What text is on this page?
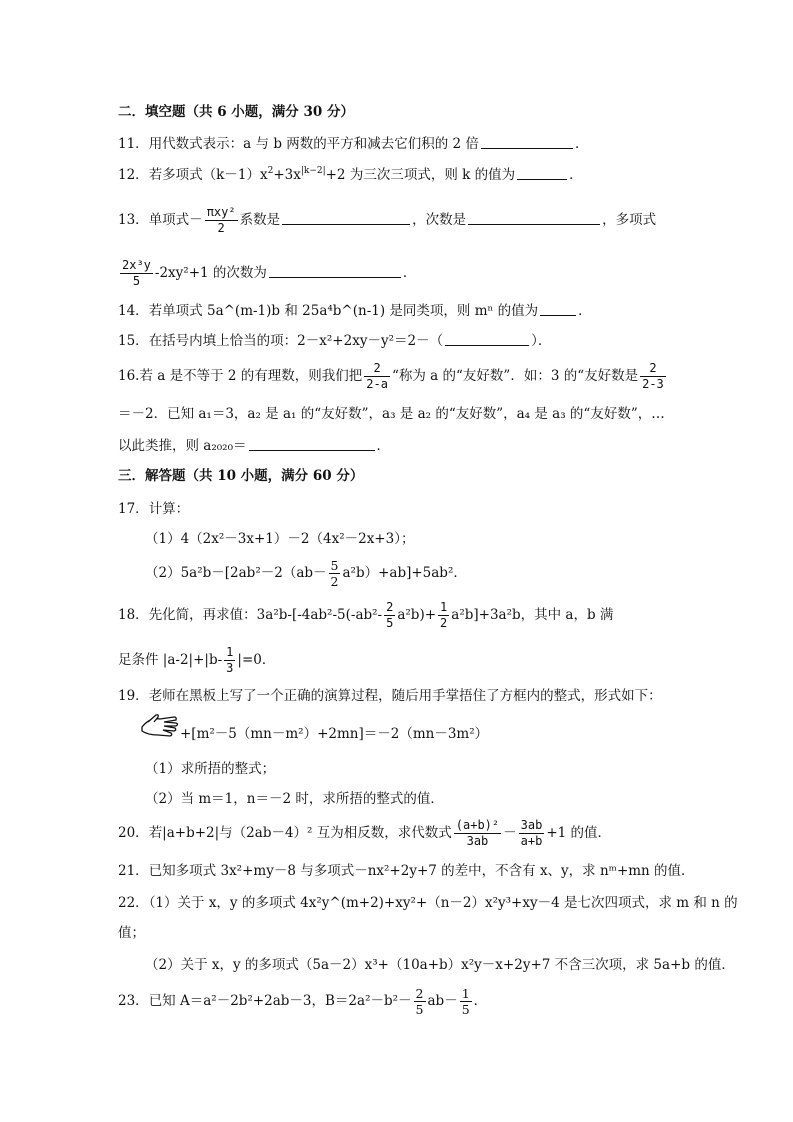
二．填空题（共 6 小题，满分 30 分）
11．用代数式表示：a 与 b 两数的平方和减去它们积的 2 倍	．
12．若多项式$(k-1)x^2+3x^{|k-2|}+2$ 为三次三项式，则 k 的值为	．
13．单项式－ $\frac{\text{πxy²}}{2}$ 系数是	，次数是	，多项式
$\frac{\text{2x³y}}{5} -2xy^2+1$ 的次数为	．
14．若单项式 5a^(m-1)b 和 25a⁴b^(n-1) 是同类项，则 mⁿ 的值为	．
15．在括号内填上恰当的项：2－x²+2xy－y²＝2－（	）．
16.若 a 是不等于 2 的有理数，则我们把 $\frac{2}{2-a}$ “称为 a 的“友好数”．如：3 的“友好数是 $\frac{2}{2-3}$
＝－2．已知 a₁＝3，a₂ 是 a₁ 的“友好数”，a₃ 是 a₂ 的“友好数”，a₄ 是 a₃ 的“友好数”，…
以此类推，则 a₂₀₂₀＝	．
三．解答题（共 10 小题，满分 60 分）
17．计算：
（1）4（2x²－3x+1）－2（4x²－2x+3）；
$(2)5a^2b-[2ab^2-2(ab- \frac{5}{2} a^2b)+ab]+5ab^2$．
18．先化简，再求值：$3a^2b-[-4ab^2-5(-ab^2- \frac{2}{5} a^2b)+ \frac{1}{2} a^2b]+3a^2b$，其中 a，b 满
足条件 $|a-2|+|b- \frac{1}{3} |=0$．
19．老师在黑板上写了一个正确的演算过程，随后用手掌捂住了方框内的整式，形式如下：
+[m²－5（mn－m²）+2mn]＝－2（mn－3m²）
（1）求所捂的整式；
（2）当 m＝1，n＝－2 时，求所捂的整式的值．
20．若|a+b+2|与（2ab－4）² 互为相反数，求代数式 $\frac{\text{(a+b)²}}{3ab} - \frac{3ab}{a+b} +1$ 的值．
21．已知多项式 3x²+my－8 与多项式－nx²+2y+7 的差中，不含有 x、y，求 nᵐ+mn 的值．
22．（1）关于 x，y 的多项式 4x²y^(m+2)+xy²+（n－2）x²y³+xy－4 是七次四项式，求 m 和 n 的
值；
（2）关于 x，y 的多项式（5a－2）x³+（10a+b）x²y－x+2y+7 不含三次项，求 5a+b 的值．
23．已知 A＝a²－2b²+2ab－3，$B=2a^2-b^2- \frac{2}{5} ab- \frac{1}{5}$ ．
